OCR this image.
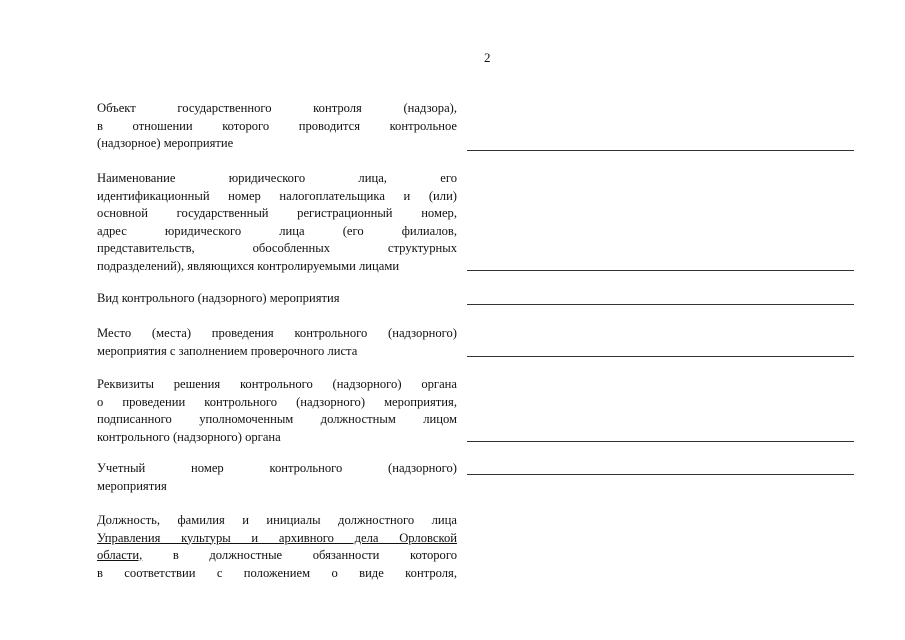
2
Объект государственного контроля (надзора),
в отношении которого проводится контрольное
(надзорное) мероприятие
Наименование юридического лица, его
идентификационный номер налогоплательщика и (или)
основной государственный регистрационный номер,
адрес юридического лица (его филиалов,
представительств, обособленных структурных
подразделений), являющихся контролируемыми лицами
Вид контрольного (надзорного) мероприятия
Место (места) проведения контрольного (надзорного)
мероприятия с заполнением проверочного листа
Реквизиты решения контрольного (надзорного) органа
о проведении контрольного (надзорного) мероприятия,
подписанного уполномоченным должностным лицом
контрольного (надзорного) органа
Учетный номер контрольного (надзорного)
мероприятия
Должность, фамилия и инициалы должностного лица
Управления культуры и архивного дела Орловской
области, в должностные обязанности которого
в соответствии с положением о виде контроля,
